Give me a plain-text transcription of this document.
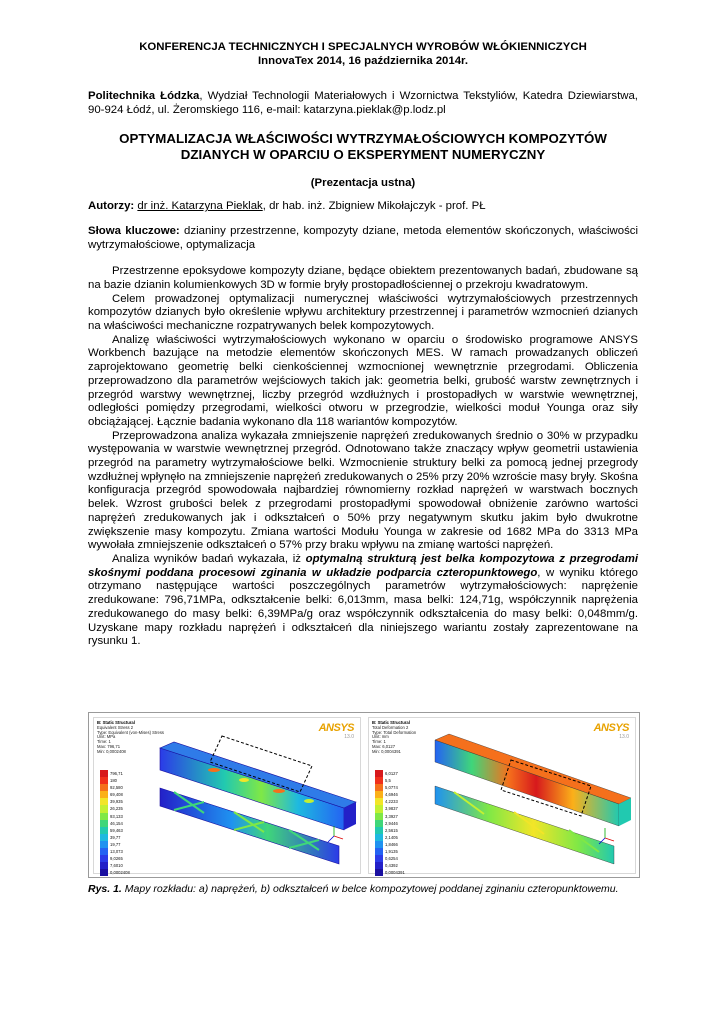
KONFERENCJA TECHNICZNYCH I SPECJALNYCH WYROBÓW WŁÓKIENNICZYCH
InnovaTex 2014, 16 października 2014r.
Politechnika Łódzka, Wydział Technologii Materiałowych i Wzornictwa Tekstyliów, Katedra Dziewiarstwa, 90-924 Łódź, ul. Żeromskiego 116, e-mail: katarzyna.pieklak@p.lodz.pl
OPTYMALIZACJA WŁAŚCIWOŚCI WYTRZYMAŁOŚCIOWYCH KOMPOZYTÓW
DZIANYCH W OPARCIU O EKSPERYMENT NUMERYCZNY
(Prezentacja ustna)
Autorzy: dr inż. Katarzyna Pieklak, dr hab. inż. Zbigniew Mikołajczyk - prof. PŁ
Słowa kluczowe: dzianiny przestrzenne, kompozyty dziane, metoda elementów skończonych, właściwości wytrzymałościowe, optymalizacja

Przestrzenne epoksydowe kompozyty dziane, będące obiektem prezentowanych badań, zbudowane są na bazie dzianin kolumienkowych 3D w formie bryły prostopadłościennej o przekroju kwadratowym.

Celem prowadzonej optymalizacji numerycznej właściwości wytrzymałościowych przestrzennych kompozytów dzianych było określenie wpływu architektury przestrzennej i parametrów wzmocnień dzianych na właściwości mechaniczne rozpatrywanych belek kompozytowych.

Analizę właściwości wytrzymałościowych wykonano w oparciu o środowisko programowe ANSYS Workbench bazujące na metodzie elementów skończonych MES. W ramach prowadzanych obliczeń zaprojektowano geometrię belki cienkościennej wzmocnionej wewnętrznie przegrodami. Obliczenia przeprowadzono dla parametrów wejściowych takich jak: geometria belki, grubość warstw zewnętrznych i przegród warstwy wewnętrznej, liczby przegród wzdłużnych i prostopadłych w warstwie wewnętrznej, odległości pomiędzy przegrodami, wielkości otworu w przegrodzie, wielkości moduł Younga oraz siły obciążającej. Łącznie badania wykonano dla 118 wariantów kompozytów.

Przeprowadzona analiza wykazała zmniejszenie naprężeń zredukowanych średnio o 30% w przypadku występowania w warstwie wewnętrznej przegród. Odnotowano także znaczący wpływ geometrii ustawienia przegród na parametry wytrzymałościowe belki. Wzmocnienie struktury belki za pomocą jednej przegrody wzdłużnej wpłynęło na zmniejszenie naprężeń zredukowanych o 25% przy 20% wzroście masy bryły. Skośna konfiguracja przegród spowodowała najbardziej równomierny rozkład naprężeń w warstwach bocznych belek. Wzrost grubości belek z przegrodami prostopadłymi spowodował obniżenie zarówno wartości naprężeń zredukowanych jak i odkształceń o 50% przy negatywnym skutku jakim było dwukrotne zwiększenie masy kompozytu. Zmiana wartości Modułu Younga w zakresie od 1682 MPa do 3313 MPa wywołała zmniejszenie odkształceń o 57% przy braku wpływu na zmianę wartości naprężeń.

Analiza wyników badań wykazała, iż optymalną strukturą jest belka kompozytowa z przegrodami skośnymi poddana procesowi zginania w układzie podparcia czteropunktowego, w wyniku którego otrzymano następujące wartości poszczególnych parametrów wytrzymałościowych: naprężenie zredukowane: 796,71MPa, odkształcenie belki: 6,013mm, masa belki: 124,71g, współczynnik naprężenia zredukowanego do masy belki: 6,39MPa/g oraz współczynnik odkształcenia do masy belki: 0,048mm/g. Uzyskane mapy rozkładu naprężeń i odkształceń dla niniejszego wariantu zostały zaprezentowane na rysunku 1.

B: Static Structural
Equivalent Stress 2
Type: Equivalent (von-Mises) Stress
Unit: MPa
Time: 1
Max: 796,71
Min: 0,0002408
796,71
180
92,580
69,408
39,935
26,235
93,133
46,154
59,463
39,77
19,77
13,073
9,0265
7,6010
0,0002408
ANSYS
13.0
B: Static Structural
Total Deformation 2
Type: Total Deformation
Unit: mm
Time: 1
Max: 6,0127
Min: 0,0004391
6,0127
5,5
5,0774
4,6946
4,2233
3,9837
3,3927
2,9446
2,5615
2,1405
1,8466
1,9135
0,6254
0,4392
0,0004391
ANSYS
13.0
Rys. 1. Mapy rozkładu: a) naprężeń, b) odkształceń w belce kompozytowej poddanej zginaniu czteropunktowemu.
